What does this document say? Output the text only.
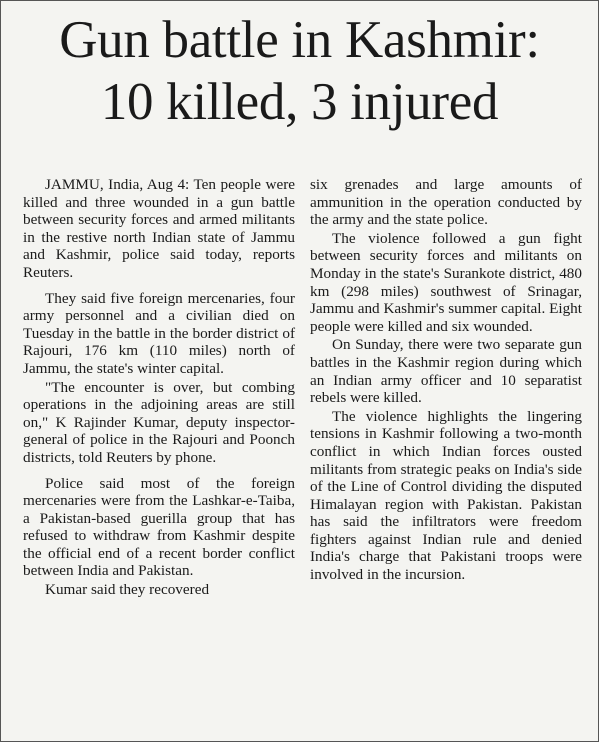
Gun battle in Kashmir:
10 killed, 3 injured

JAMMU, India, Aug 4: Ten people were killed and three wounded in a gun battle between security forces and armed militants in the restive north Indian state of Jammu and Kashmir, police said today, reports Reuters.

They said five foreign mercenaries, four army personnel and a civilian died on Tuesday in the battle in the border district of Rajouri, 176 km (110 miles) north of Jammu, the state's winter capital.

"The encounter is over, but combing operations in the adjoining areas are still on," K Rajinder Kumar, deputy inspector-general of police in the Rajouri and Poonch districts, told Reuters by phone.

Police said most of the foreign mercenaries were from the Lashkar-e-Taiba, a Pakistan-based guerilla group that has refused to withdraw from Kashmir despite the official end of a recent border conflict between India and Pakistan.

Kumar said they recovered

six grenades and large amounts of ammunition in the operation conducted by the army and the state police.

The violence followed a gun fight between security forces and militants on Monday in the state's Surankote district, 480 km (298 miles) southwest of Srinagar, Jammu and Kashmir's summer capital. Eight people were killed and six wounded.

On Sunday, there were two separate gun battles in the Kashmir region during which an Indian army officer and 10 separatist rebels were killed.

The violence highlights the lingering tensions in Kashmir following a two-month conflict in which Indian forces ousted militants from strategic peaks on India's side of the Line of Control dividing the disputed Himalayan region with Pakistan. Pakistan has said the infiltrators were freedom fighters against Indian rule and denied India's charge that Pakistani troops were involved in the incursion.
